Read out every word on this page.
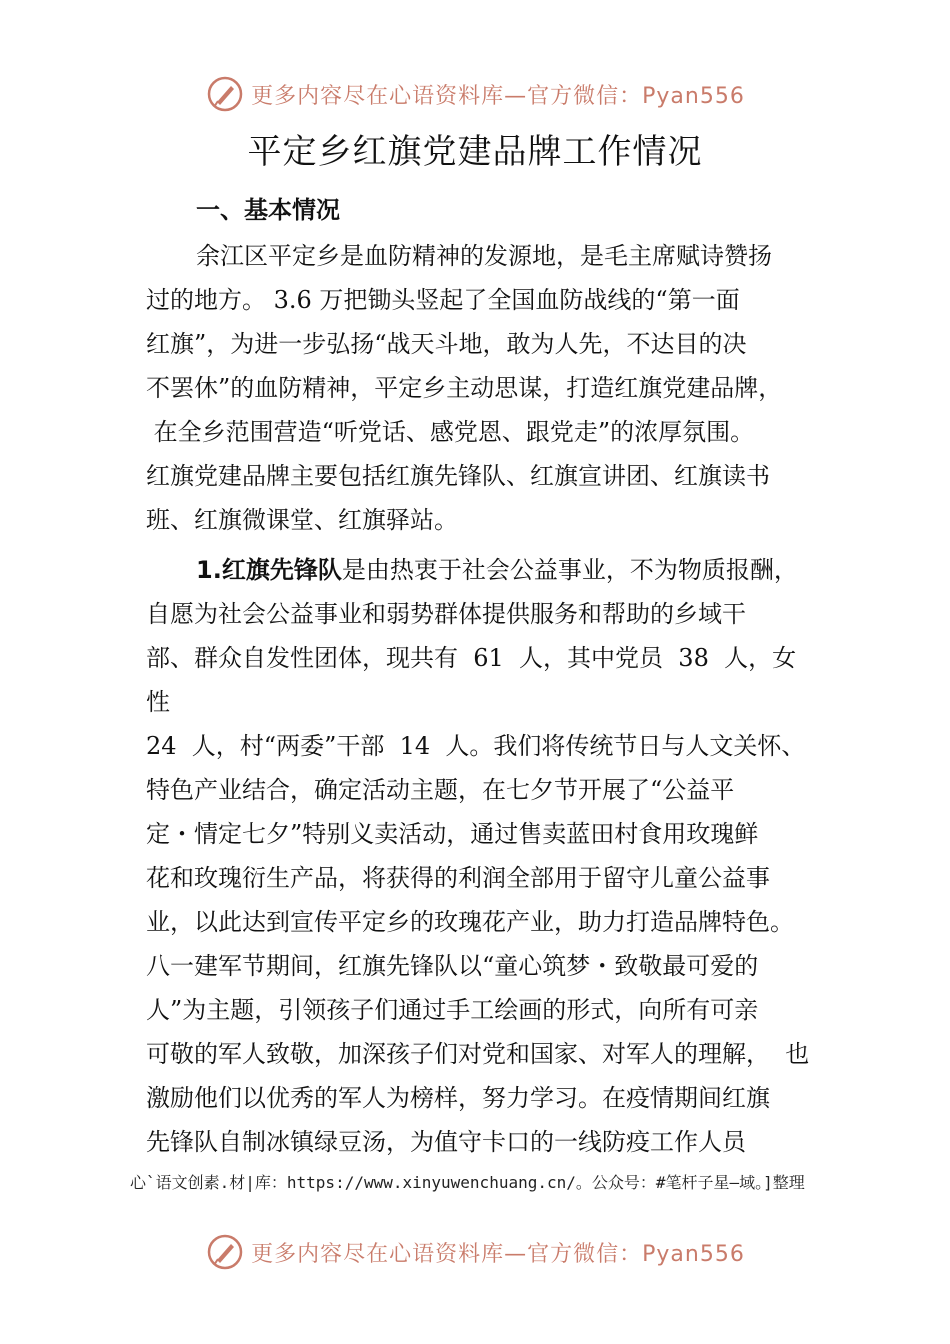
更多内容尽在心语资料库—官方微信：Pyan556
平定乡红旗党建品牌工作情况
一、基本情况
余江区平定乡是血防精神的发源地，是毛主席赋诗赞扬
过的地方。 3.6 万把锄头竖起了全国血防战线的“第一面
红旗”，为进一步弘扬“战天斗地，敢为人先，不达目的决
不罢休”的血防精神，平定乡主动思谋，打造红旗党建品牌，
在全乡范围营造“听党话、感党恩、跟党走”的浓厚氛围。
红旗党建品牌主要包括红旗先锋队、红旗宣讲团、红旗读书
班、红旗微课堂、红旗驿站。
1.红旗先锋队是由热衷于社会公益事业，不为物质报酬，
自愿为社会公益事业和弱势群体提供服务和帮助的乡域干
部、群众自发性团体，现共有  61  人，其中党员  38  人，女
性
24  人，村“两委”干部  14  人。我们将传统节日与人文关怀、
特色产业结合，确定活动主题，在七夕节开展了“公益平
定・情定七夕”特别义卖活动，通过售卖蓝田村食用玫瑰鲜
花和玫瑰衍生产品，将获得的利润全部用于留守儿童公益事
业，以此达到宣传平定乡的玫瑰花产业，助力打造品牌特色。
八一建军节期间，红旗先锋队以“童心筑梦・致敬最可爱的
人”为主题，引领孩子们通过手工绘画的形式，向所有可亲
可敬的军人致敬，加深孩子们对党和国家、对军人的理解，  也
激励他们以优秀的军人为榜样，努力学习。在疫情期间红旗
先锋队自制冰镇绿豆汤，为值守卡口的一线防疫工作人员
心`语文创素.材|库：https://www.xinyuwenchuang.cn/。公众号：#笔杆子星—域。]整理
更多内容尽在心语资料库—官方微信：Pyan556
